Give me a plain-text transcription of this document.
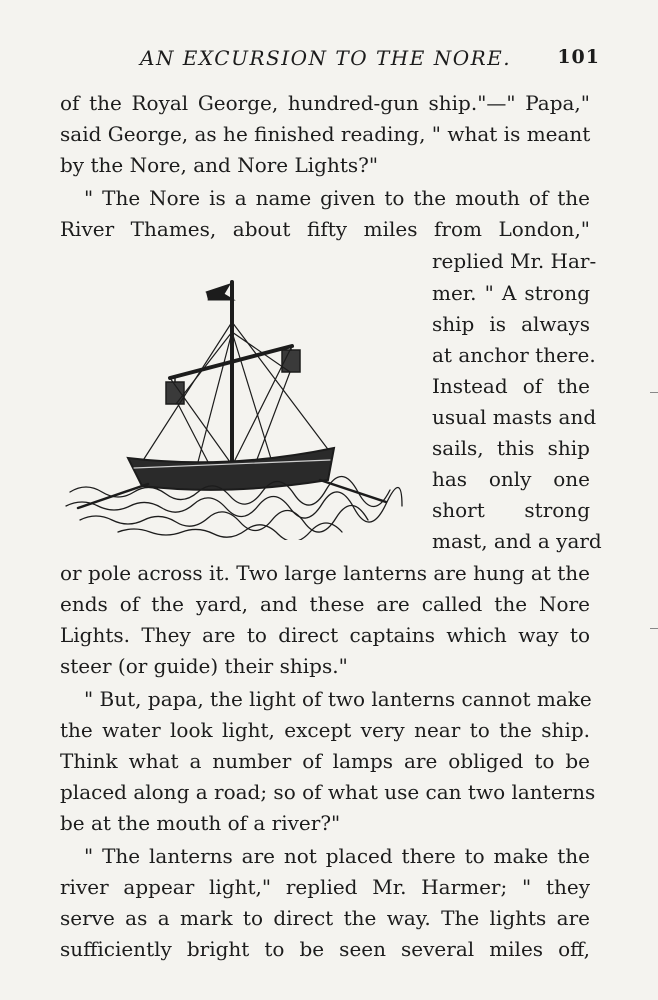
AN EXCURSION TO THE NORE. 101
of the Royal George, hundred-gun ship."—" Papa,"
said George, as he finished reading, " what is meant
by the Nore, and Nore Lights?"
" The Nore is a name given to the mouth of the
River Thames, about fifty miles from London,"
replied Mr. Har-
mer. " A strong
ship is always
at anchor there.
Instead of the
usual masts and
sails, this ship
has only one
short strong
mast, and a yard
or pole across it. Two large lanterns are hung at the
ends of the yard, and these are called the Nore
Lights. They are to direct captains which way to
steer (or guide) their ships."
" But, papa, the light of two lanterns cannot make
the water look light, except very near to the ship.
Think what a number of lamps are obliged to be
placed along a road; so of what use can two lanterns
be at the mouth of a river?"
" The lanterns are not placed there to make the
river appear light," replied Mr. Harmer; " they
serve as a mark to direct the way. The lights are
sufficiently bright to be seen several miles off,
